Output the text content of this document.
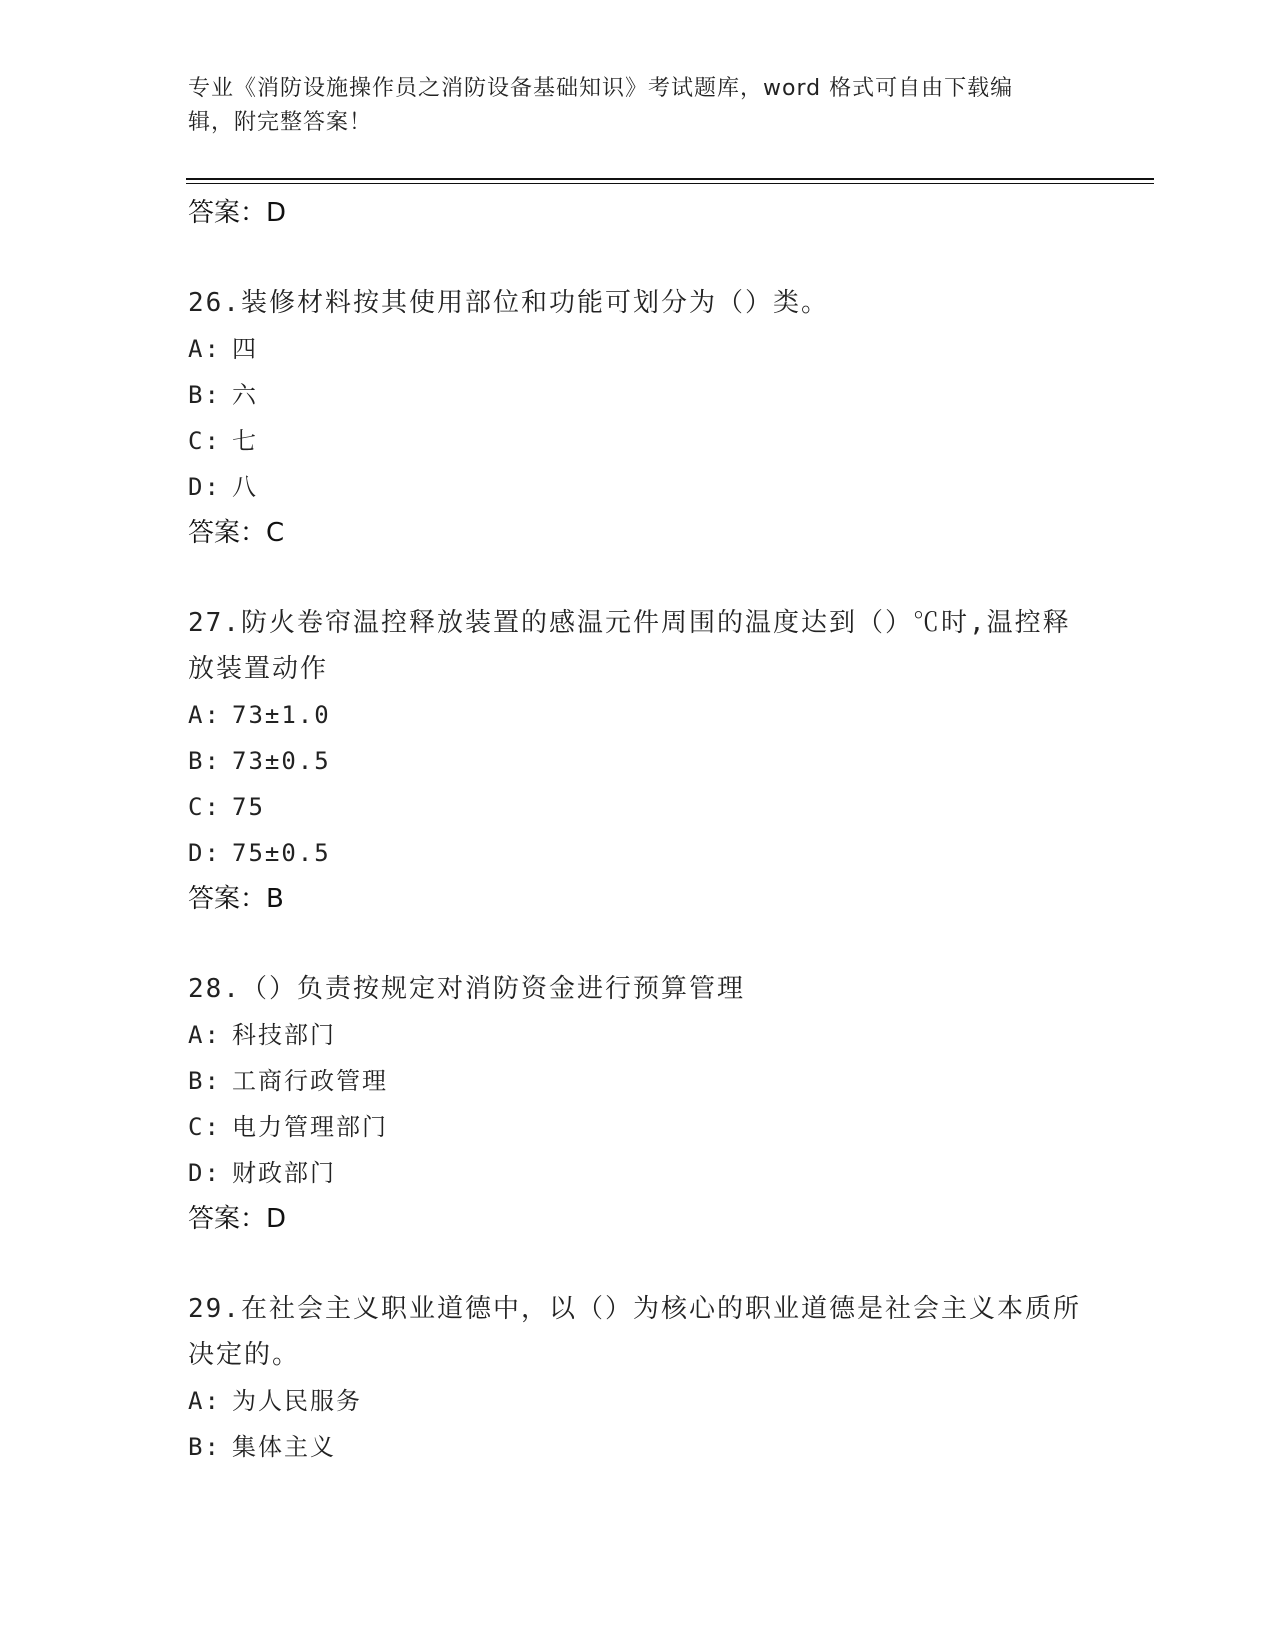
专业《消防设施操作员之消防设备基础知识》考试题库，word 格式可自由下载编
辑，附完整答案！
答案：D
26.装修材料按其使用部位和功能可划分为（）类。
A: 四
B: 六
C: 七
D: 八
答案：C
27.防火卷帘温控释放装置的感温元件周围的温度达到（）℃时,温控释放装置动作
A: 73±1.0
B: 73±0.5
C: 75
D: 75±0.5
答案：B
28.（）负责按规定对消防资金进行预算管理
A: 科技部门
B: 工商行政管理
C: 电力管理部门
D: 财政部门
答案：D
29.在社会主义职业道德中，以（）为核心的职业道德是社会主义本质所决定的。
A: 为人民服务
B: 集体主义
